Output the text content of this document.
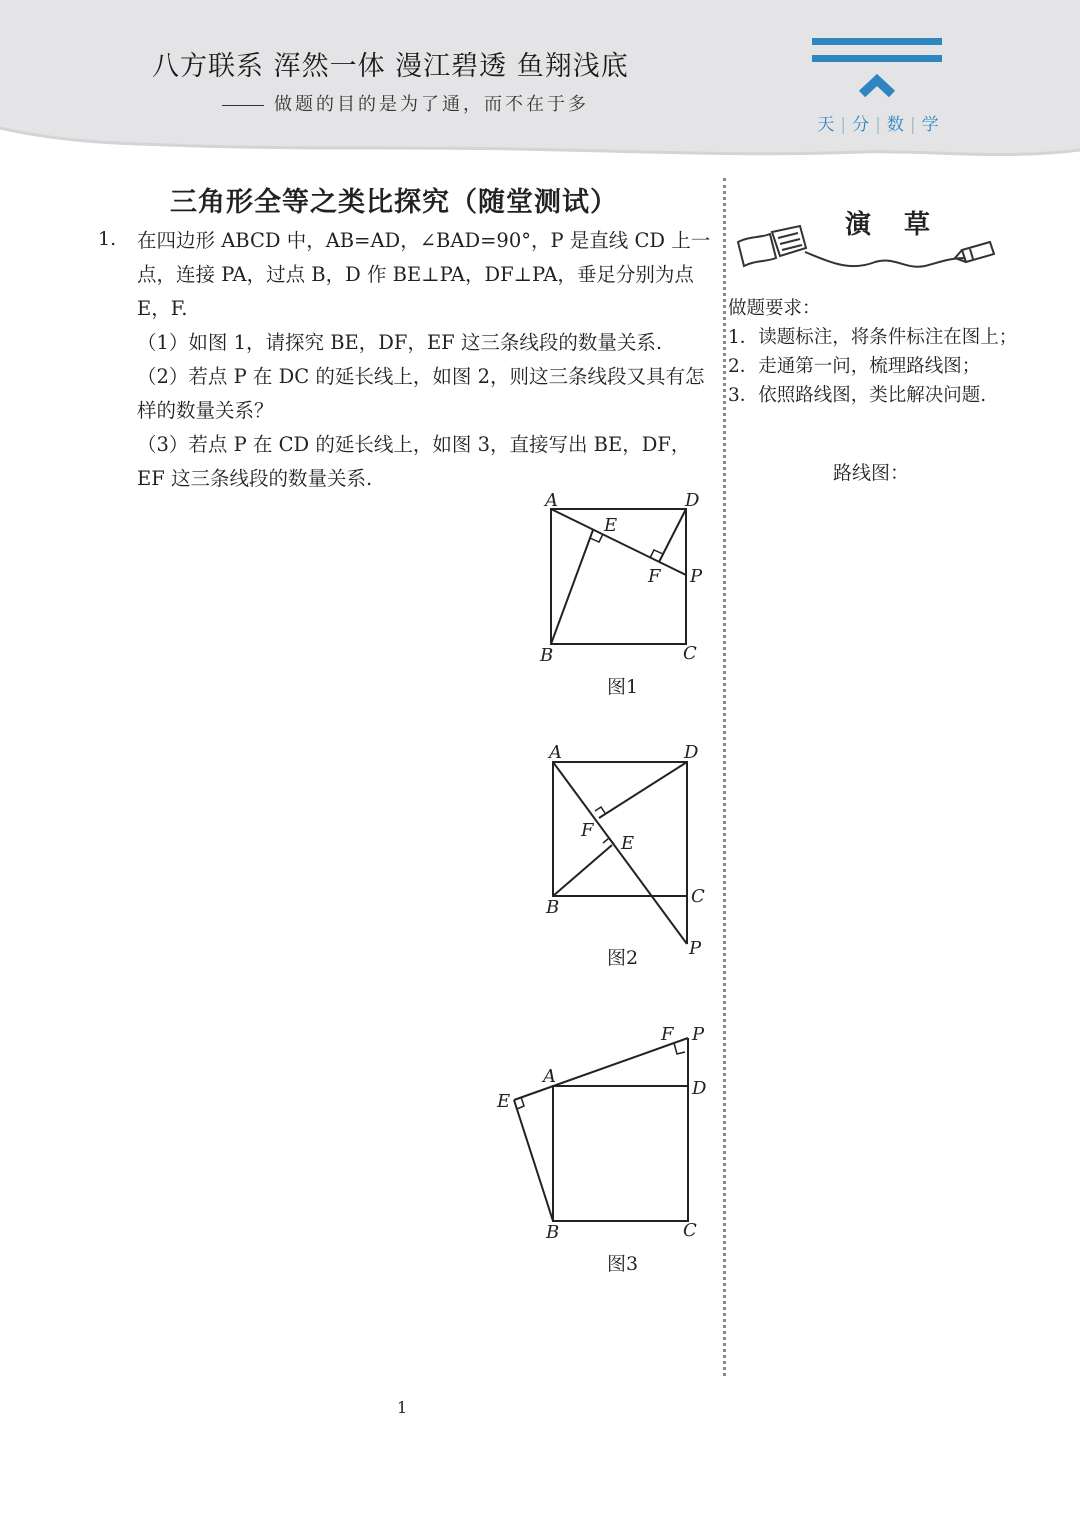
八方联系 浑然一体 漫江碧透 鱼翔浅底
做题的目的是为了通，而不在于多
天 | 分 | 数 | 学
三角形全等之类比探究（随堂测试）
1. 在四边形 ABCD 中，AB=AD，∠BAD=90°，P 是直线 CD 上一点，连接 PA，过点 B，D 作 BE⊥PA，DF⊥PA，垂足分别为点 E，F.

（1）如图 1，请探究 BE，DF，EF 这三条线段的数量关系.

（2）若点 P 在 DC 的延长线上，如图 2，则这三条线段又具有怎样的数量关系？

（3）若点 P 在 CD 的延长线上，如图 3，直接写出 BE，DF，EF 这三条线段的数量关系.

A	D
E
F P
B	C
图1
A	D
F
E
B
C
P
图2
F P
A
D
E
B	C
图3
演 草

做题要求：

1．读题标注，将条件标注在图上；

2．走通第一问，梳理路线图；

3．依照路线图，类比解决问题.

路线图：
1
